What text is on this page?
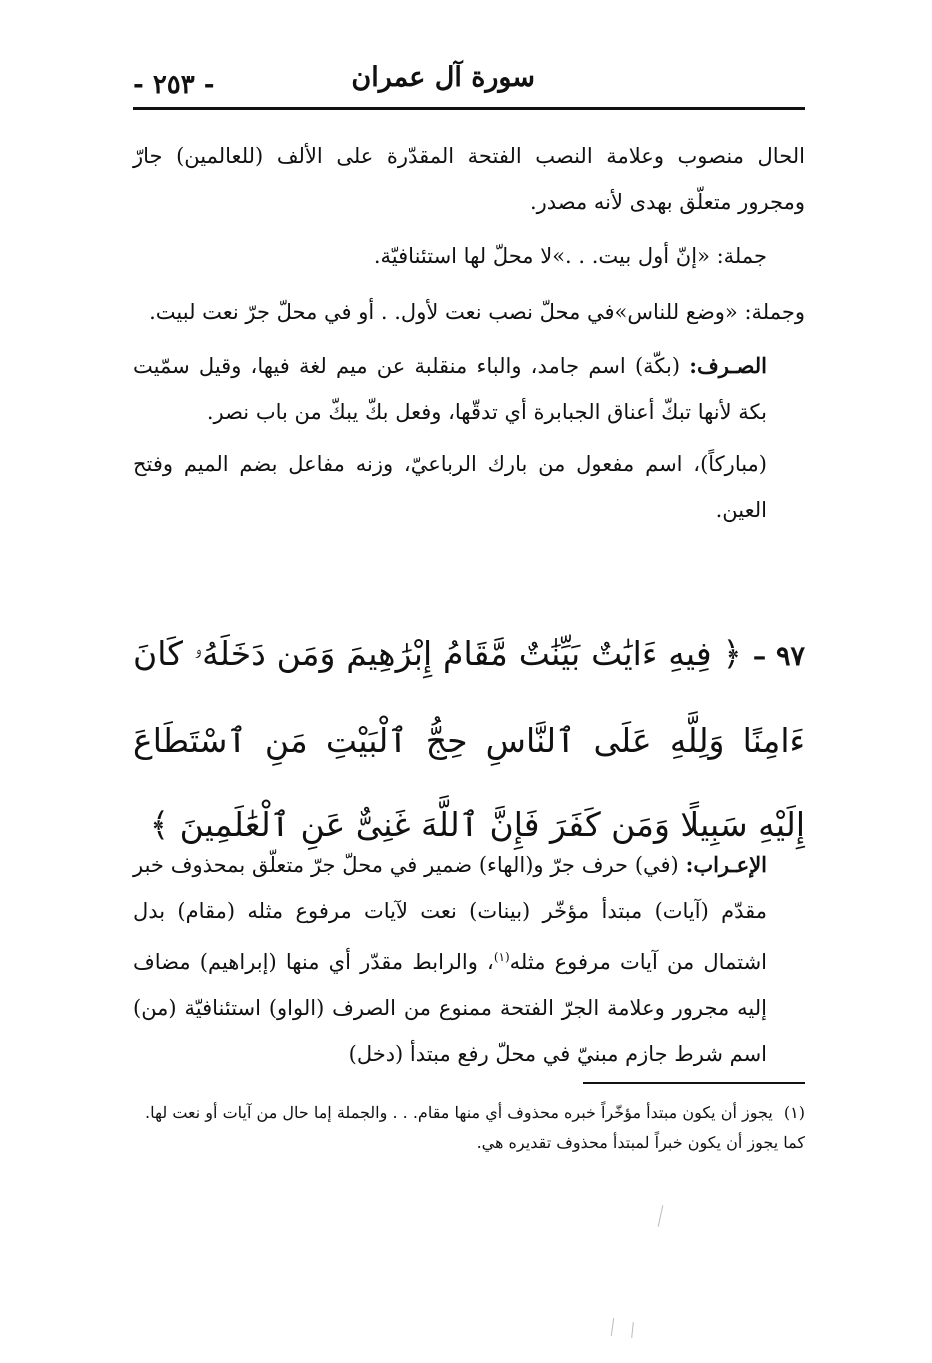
سورة آل عمران
- ٢٥٣ -

الحال منصوب وعلامة النصب الفتحة المقدّرة على الألف (للعالمين) جارّ ومجرور متعلّق بهدى لأنه مصدر.

جملة: «إنّ أول بيت. . .»لا محلّ لها استئنافيّة.

وجملة: «وضع للناس»في محلّ نصب نعت لأول. . أو في محلّ جرّ نعت لبيت.

الصـرف: (بكّة) اسم جامد، والباء منقلبة عن ميم لغة فيها، وقيل سمّيت بكة لأنها تبكّ أعناق الجبابرة أي تدقّها، وفعل بكّ يبكّ من باب نصر.

(مباركاً)، اسم مفعول من بارك الرباعيّ، وزنه مفاعل بضم الميم وفتح العين.

٩٧ – ﴿ فِيهِ ءَايَٰتٌ بَيِّنَٰتٌ مَّقَامُ إِبْرَٰهِيمَ وَمَن دَخَلَهُۥ كَانَ ءَامِنًا وَلِلَّهِ عَلَى ٱلنَّاسِ حِجُّ ٱلْبَيْتِ مَنِ ٱسْتَطَاعَ إِلَيْهِ سَبِيلًا وَمَن كَفَرَ فَإِنَّ ٱللَّهَ غَنِىٌّ عَنِ ٱلْعَٰلَمِينَ ﴾

الإعـراب: (في) حرف جرّ و(الهاء) ضمير في محلّ جرّ متعلّق بمحذوف خبر مقدّم (آيات) مبتدأ مؤخّر (بينات) نعت لآيات مرفوع مثله (مقام) بدل اشتمال من آيات مرفوع مثله$^{(١)}$، والرابط مقدّر أي منها (إبراهيم) مضاف إليه مجرور وعلامة الجرّ الفتحة ممنوع من الصرف (الواو) استئنافيّة (من) اسم شرط جازم مبنيّ في محلّ رفع مبتدأ (دخل)

(١) يجوز أن يكون مبتدأ مؤخّراً خبره محذوف أي منها مقام. . . والجملة إما حال من آيات أو نعت لها. كما يجوز أن يكون خبراً لمبتدأ محذوف تقديره هي.
